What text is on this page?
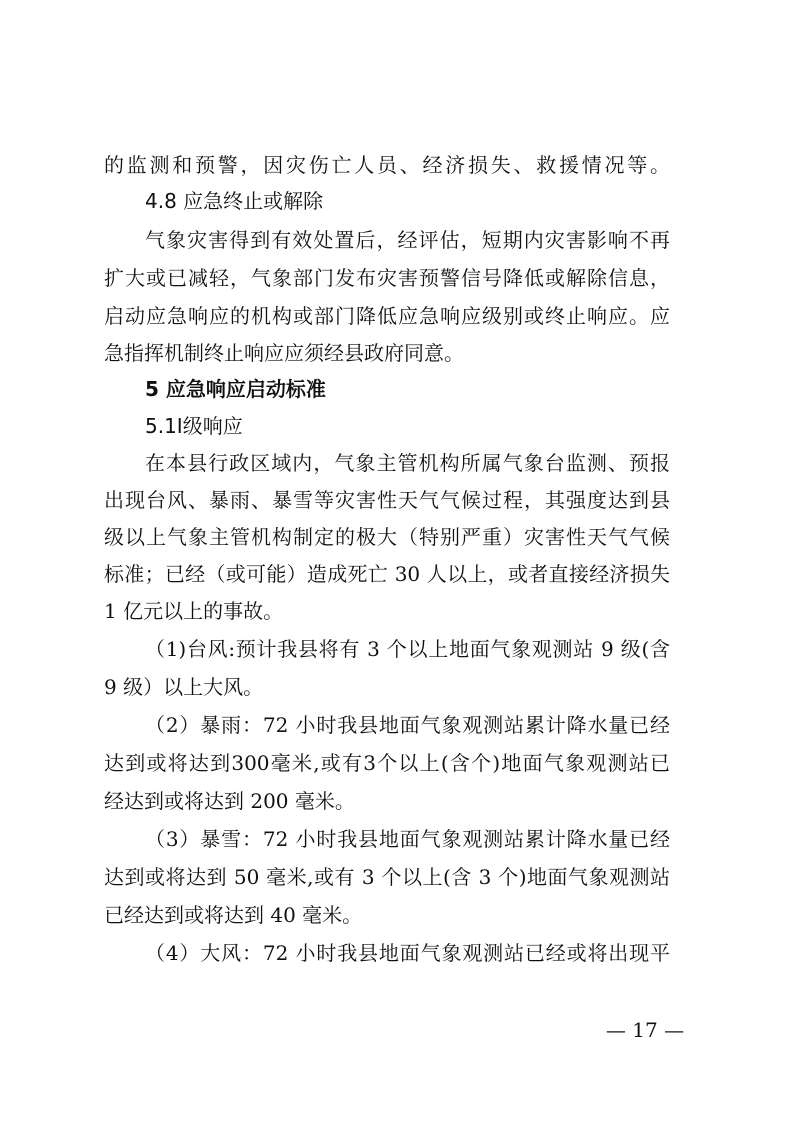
的监测和预警，因灾伤亡人员、经济损失、救援情况等。
4.8 应急终止或解除
气象灾害得到有效处置后，经评估，短期内灾害影响不再
扩大或已减轻，气象部门发布灾害预警信号降低或解除信息，
启动应急响应的机构或部门降低应急响应级别或终止响应。应
急指挥机制终止响应应须经县政府同意。
5 应急响应启动标准
5.1Ⅰ级响应
在本县行政区域内，气象主管机构所属气象台监测、预报
出现台风、暴雨、暴雪等灾害性天气气候过程，其强度达到县
级以上气象主管机构制定的极大（特别严重）灾害性天气气候
标准；已经（或可能）造成死亡 30 人以上，或者直接经济损失
1 亿元以上的事故。
（1)台风:预计我县将有 3 个以上地面气象观测站 9 级(含
9 级）以上大风。
（2）暴雨：72 小时我县地面气象观测站累计降水量已经
达到或将达到300毫米,或有3个以上(含个)地面气象观测站已
经达到或将达到 200 毫米。
（3）暴雪：72 小时我县地面气象观测站累计降水量已经
达到或将达到 50 毫米,或有 3 个以上(含 3 个)地面气象观测站
已经达到或将达到 40 毫米。
（4）大风：72 小时我县地面气象观测站已经或将出现平
— 17 —
